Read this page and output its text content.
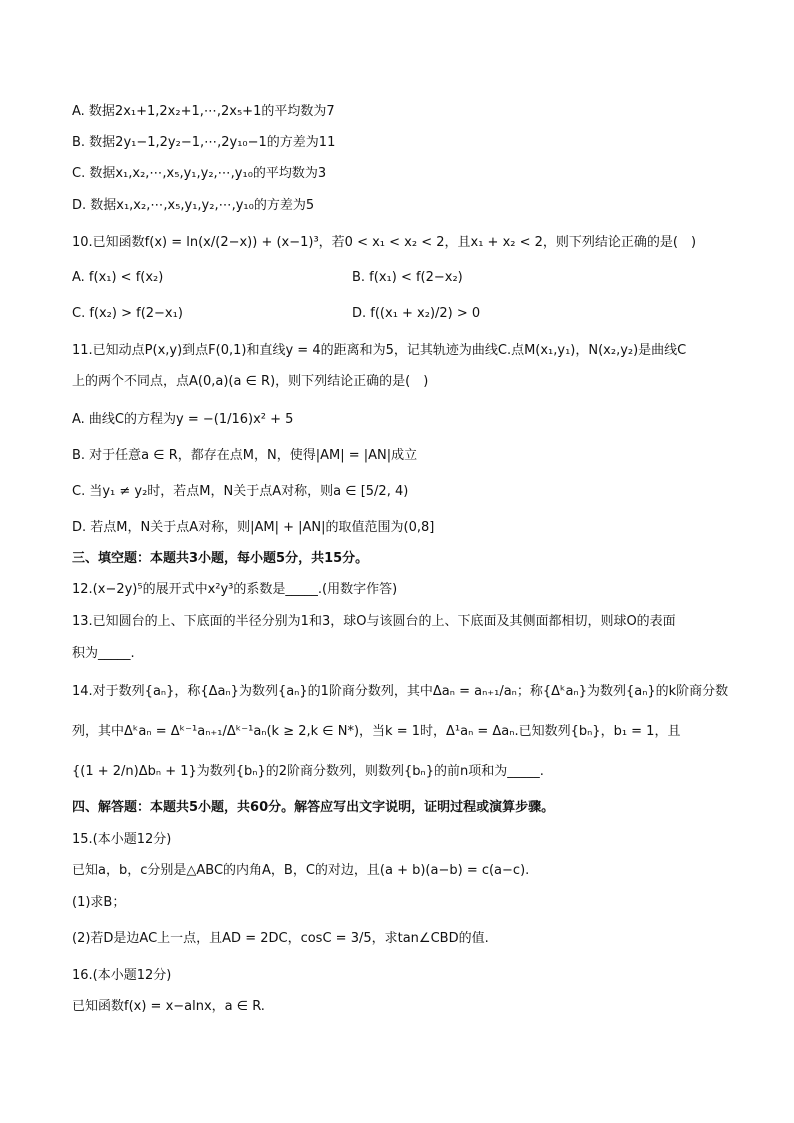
A. 数据2x₁+1,2x₂+1,⋯,2x₅+1的平均数为7
B. 数据2y₁−1,2y₂−1,⋯,2y₁₀−1的方差为11
C. 数据x₁,x₂,⋯,x₅,y₁,y₂,⋯,y₁₀的平均数为3
D. 数据x₁,x₂,⋯,x₅,y₁,y₂,⋯,y₁₀的方差为5
10.已知函数f(x) = ln(x/(2−x)) + (x−1)³，若0 < x₁ < x₂ < 2，且x₁ + x₂ < 2，则下列结论正确的是(　)
A. f(x₁) < f(x₂)	B. f(x₁) < f(2−x₂)
C. f(x₂) > f(2−x₁)	D. f((x₁ + x₂)/2) > 0
11.已知动点P(x,y)到点F(0,1)和直线y = 4的距离和为5，记其轨迹为曲线C.点M(x₁,y₁)，N(x₂,y₂)是曲线C
上的两个不同点，点A(0,a)(a ∈ R)，则下列结论正确的是(　)
A. 曲线C的方程为y = −(1/16)x² + 5
B. 对于任意a ∈ R，都存在点M，N，使得|AM| = |AN|成立
C. 当y₁ ≠ y₂时，若点M，N关于点A对称，则a ∈ [5/2, 4)
D. 若点M，N关于点A对称，则|AM| + |AN|的取值范围为(0,8]
三、填空题：本题共3小题，每小题5分，共15分。
12.(x−2y)⁵的展开式中x²y³的系数是_____.(用数字作答)
13.已知圆台的上、下底面的半径分别为1和3，球O与该圆台的上、下底面及其侧面都相切，则球O的表面
积为_____.
14.对于数列{aₙ}，称{Δaₙ}为数列{aₙ}的1阶商分数列，其中Δaₙ = aₙ₊₁/aₙ；称{Δᵏaₙ}为数列{aₙ}的k阶商分数
列，其中Δᵏaₙ = Δᵏ⁻¹aₙ₊₁/Δᵏ⁻¹aₙ(k ≥ 2,k ∈ N*)，当k = 1时，Δ¹aₙ = Δaₙ.已知数列{bₙ}，b₁ = 1，且
{(1 + 2/n)Δbₙ + 1}为数列{bₙ}的2阶商分数列，则数列{bₙ}的前n项和为_____.
四、解答题：本题共5小题，共60分。解答应写出文字说明，证明过程或演算步骤。
15.(本小题12分)
已知a，b，c分别是△ABC的内角A，B，C的对边，且(a + b)(a−b) = c(a−c).
(1)求B；
(2)若D是边AC上一点，且AD = 2DC，cosC = 3/5，求tan∠CBD的值.
16.(本小题12分)
已知函数f(x) = x−alnx，a ∈ R.
